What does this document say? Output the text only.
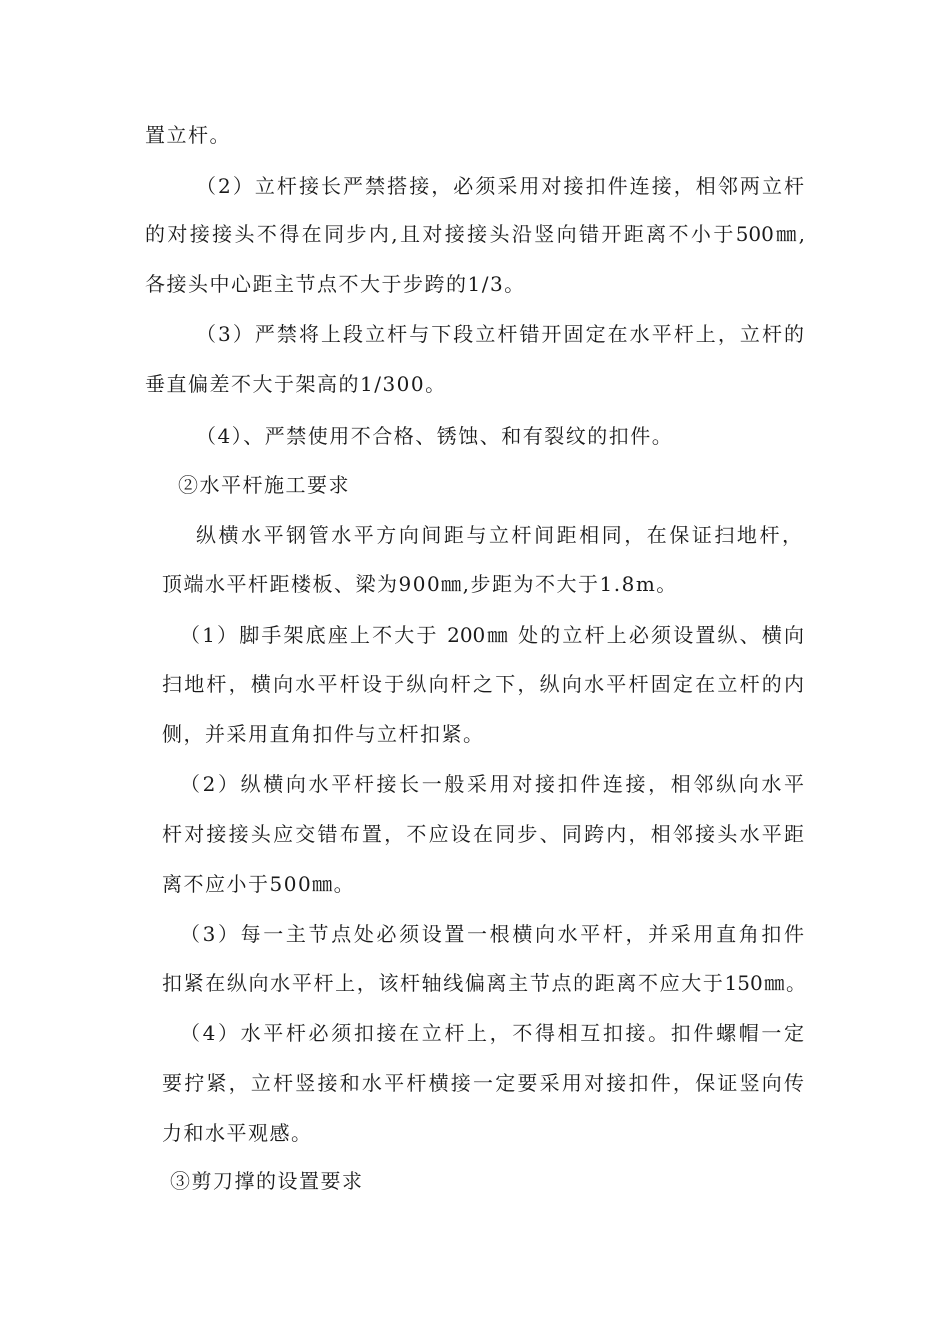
置立杆。
（2）立杆接长严禁搭接，必须采用对接扣件连接，相邻两立杆
的对接接头不得在同步内,且对接接头沿竖向错开距离不小于500㎜,
各接头中心距主节点不大于步跨的1/3。
（3）严禁将上段立杆与下段立杆错开固定在水平杆上，立杆的
垂直偏差不大于架高的1/300。
（4）、严禁使用不合格、锈蚀、和有裂纹的扣件。
②水平杆施工要求
纵横水平钢管水平方向间距与立杆间距相同，在保证扫地杆，
顶端水平杆距楼板、梁为900㎜,步距为不大于1.8m。
（1）脚手架底座上不大于 200㎜ 处的立杆上必须设置纵、横向
扫地杆，横向水平杆设于纵向杆之下，纵向水平杆固定在立杆的内
侧，并采用直角扣件与立杆扣紧。
（2）纵横向水平杆接长一般采用对接扣件连接，相邻纵向水平
杆对接接头应交错布置，不应设在同步、同跨内，相邻接头水平距
离不应小于500㎜。
（3）每一主节点处必须设置一根横向水平杆，并采用直角扣件
扣紧在纵向水平杆上，该杆轴线偏离主节点的距离不应大于150㎜。
（4）水平杆必须扣接在立杆上，不得相互扣接。扣件螺帽一定
要拧紧，立杆竖接和水平杆横接一定要采用对接扣件，保证竖向传
力和水平观感。
③剪刀撑的设置要求
